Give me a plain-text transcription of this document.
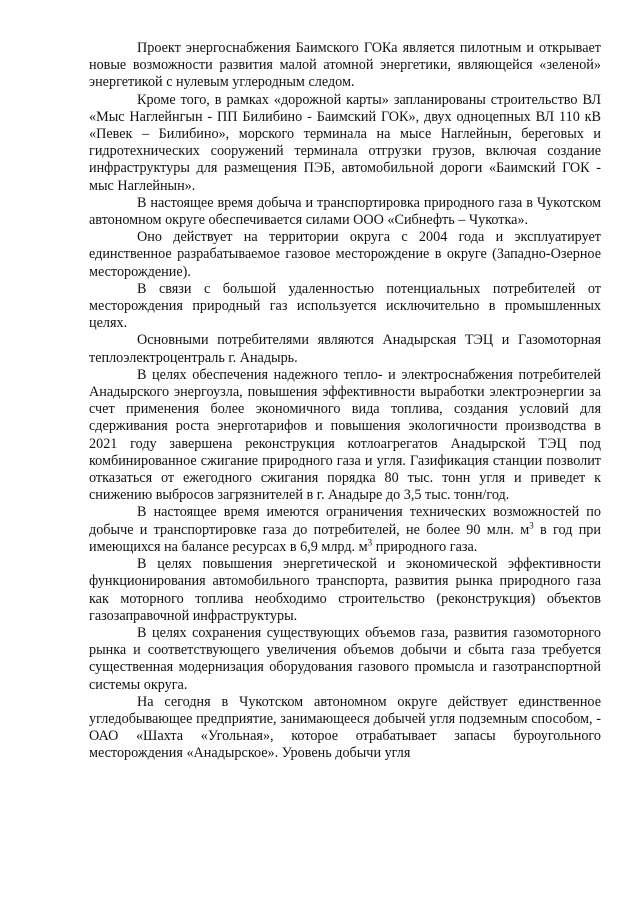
Проект энергоснабжения Баимского ГОКа является пилотным и открывает новые возможности развития малой атомной энергетики, являющейся «зеленой» энергетикой с нулевым углеродным следом.

Кроме того, в рамках «дорожной карты» запланированы строительство ВЛ «Мыс Наглейнгын - ПП Билибино - Баимский ГОК», двух одноцепных ВЛ 110 кВ «Певек – Билибино», морского терминала на мысе Наглейнын, береговых и гидротехнических сооружений терминала отгрузки грузов, включая создание инфраструктуры для размещения ПЭБ, автомобильной дороги «Баимский ГОК - мыс Наглейнын».

В настоящее время добыча и транспортировка природного газа в Чукотском автономном округе обеспечивается силами ООО «Сибнефть – Чукотка».

Оно действует на территории округа с 2004 года и эксплуатирует единственное разрабатываемое газовое месторождение в округе (Западно-Озерное месторождение).

В связи с большой удаленностью потенциальных потребителей от месторождения природный газ используется исключительно в промышленных целях.

Основными потребителями являются Анадырская ТЭЦ и Газомоторная теплоэлектроцентраль г. Анадырь.

В целях обеспечения надежного тепло- и электроснабжения потребителей Анадырского энергоузла, повышения эффективности выработки электроэнергии за счет применения более экономичного вида топлива, создания условий для сдерживания роста энерготарифов и повышения экологичности производства в 2021 году завершена реконструкция котлоагрегатов Анадырской ТЭЦ под комбинированное сжигание природного газа и угля. Газификация станции позволит отказаться от ежегодного сжигания порядка 80 тыс. тонн угля и приведет к снижению выбросов загрязнителей в г. Анадыре до 3,5 тыс. тонн/год.

В настоящее время имеются ограничения технических возможностей по добыче и транспортировке газа до потребителей, не более 90 млн. $м^3$ в год при имеющихся на балансе ресурсах в 6,9 млрд. $м^3$ природного газа.

В целях повышения энергетической и экономической эффективности функционирования автомобильного транспорта, развития рынка природного газа как моторного топлива необходимо строительство (реконструкция) объектов газозаправочной инфраструктуры.

В целях сохранения существующих объемов газа, развития газомоторного рынка и соответствующего увеличения объемов добычи и сбыта газа требуется существенная модернизация оборудования газового промысла и газотранспортной системы округа.

На сегодня в Чукотском автономном округе действует единственное угледобывающее предприятие, занимающееся добычей угля подземным способом, - ОАО «Шахта «Угольная», которое отрабатывает запасы буроугольного месторождения «Анадырское». Уровень добычи угля
